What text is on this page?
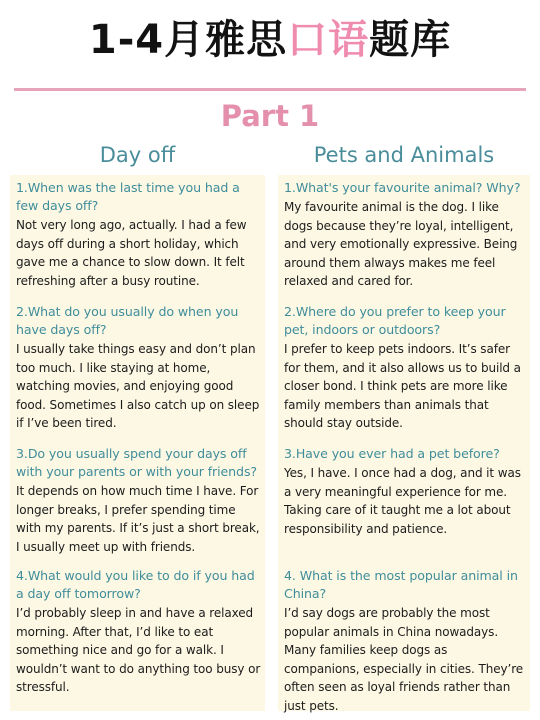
1-4月雅思口语题库
Part 1
Day off	Pets and Animals

1.When was the last time you had a few days off?

Not very long ago, actually. I had a few days off during a short holiday, which gave me a chance to slow down. It felt refreshing after a busy routine.

2.What do you usually do when you have days off?

I usually take things easy and don’t plan too much. I like staying at home, watching movies, and enjoying good food. Sometimes I also catch up on sleep if I’ve been tired.

3.Do you usually spend your days off with your parents or with your friends?

It depends on how much time I have. For longer breaks, I prefer spending time with my parents. If it’s just a short break, I usually meet up with friends.

4.What would you like to do if you had a day off tomorrow?

I’d probably sleep in and have a relaxed morning. After that, I’d like to eat something nice and go for a walk. I wouldn’t want to do anything too busy or stressful.

1.What's your favourite animal? Why?

My favourite animal is the dog. I like dogs because they’re loyal, intelligent, and very emotionally expressive. Being around them always makes me feel relaxed and cared for.

2.Where do you prefer to keep your pet, indoors or outdoors?

I prefer to keep pets indoors. It’s safer for them, and it also allows us to build a closer bond. I think pets are more like family members than animals that should stay outside.

3.Have you ever had a pet before?

Yes, I have. I once had a dog, and it was a very meaningful experience for me. Taking care of it taught me a lot about responsibility and patience.

4. What is the most popular animal in China?

I’d say dogs are probably the most popular animals in China nowadays. Many families keep dogs as companions, especially in cities. They’re often seen as loyal friends rather than just pets.
